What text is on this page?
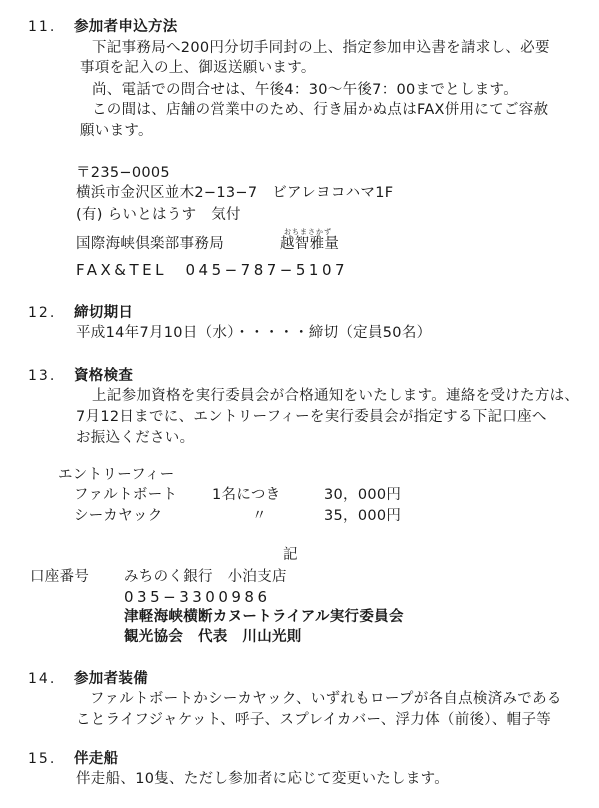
11. 参加者申込方法
下記事務局へ200円分切手同封の上、指定参加申込書を請求し、必要
事項を記入の上、御返送願います。
尚、電話での問合せは、午後4：30〜午後7：00までとします。
この間は、店舗の営業中のため、行き届かぬ点はFAX併用にてご容赦
願います。
〒235−0005
横浜市金沢区並木2−13−7　ビアレヨコハマ1F
(有) らいとはうす　気付
国際海峡倶楽部事務局
おちまさかず
越智雅量
FAX&TEL　045−787−5107
12. 締切期日
平成14年7月10日（水）・・・・・締切（定員50名）
13. 資格検査
上記参加資格を実行委員会が合格通知をいたします。連絡を受けた方は、
7月12日までに、エントリーフィーを実行委員会が指定する下記口座へ
お振込ください。
エントリーフィー
ファルトボート 1名につき	30，000円
シーカヤック	〃	35，000円
記
口座番号 みちのく銀行　小泊支店
035−3300986
津軽海峡横断カヌートライアル実行委員会
観光協会　代表　川山光則
14. 参加者装備
ファルトボートかシーカヤック、いずれもロープが各自点検済みである
ことライフジャケット、呼子、スプレイカバー、浮力体（前後）、帽子等
15. 伴走船
伴走船、10隻、ただし参加者に応じて変更いたします。
